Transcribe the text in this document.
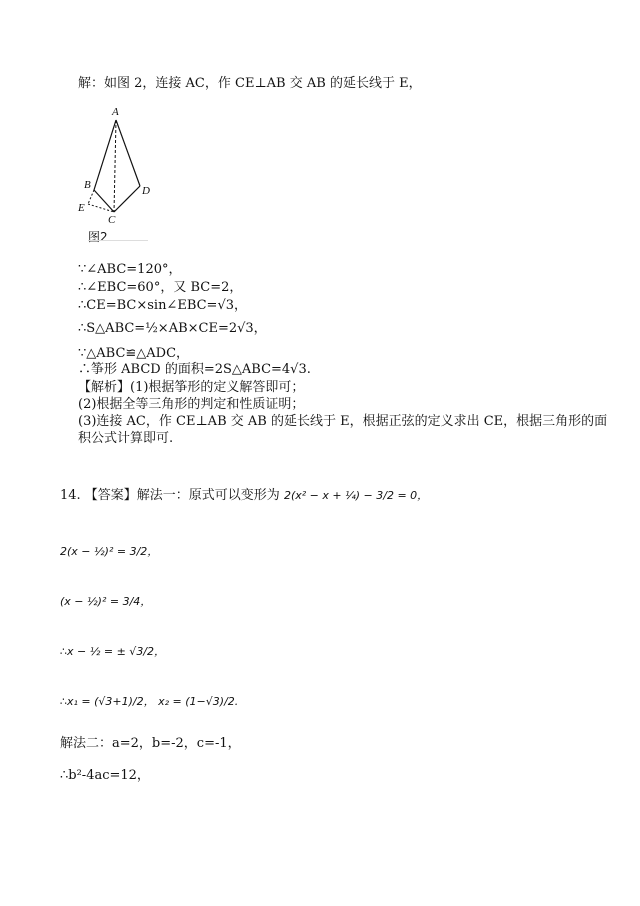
解：如图 2，连接 AC，作 CE⊥AB 交 AB 的延长线于 E，
A
B	D
E
C
图2
∵∠ABC=120°，
∴∠EBC=60°，又 BC=2，
∴CE=BC×sin∠EBC=√3，
∴S△ABC=½×AB×CE=2√3，
∵△ABC≌△ADC，
∴筝形 ABCD 的面积=2S△ABC=4√3.
【解析】(1)根据筝形的定义解答即可；
(2)根据全等三角形的判定和性质证明；
(3)连接 AC，作 CE⊥AB 交 AB 的延长线于 E，根据正弦的定义求出 CE，根据三角形的面
积公式计算即可.
14. 【答案】解法一：原式可以变形为 2(x² − x + ¼) − 3/2 = 0，
2(x − ½)² = 3/2，
(x − ½)² = 3/4，
∴x − ½ = ± √3/2，
∴x₁ = (√3+1)/2， x₂ = (1−√3)/2.
解法二：a=2，b=-2，c=-1，
∴b²-4ac=12，
